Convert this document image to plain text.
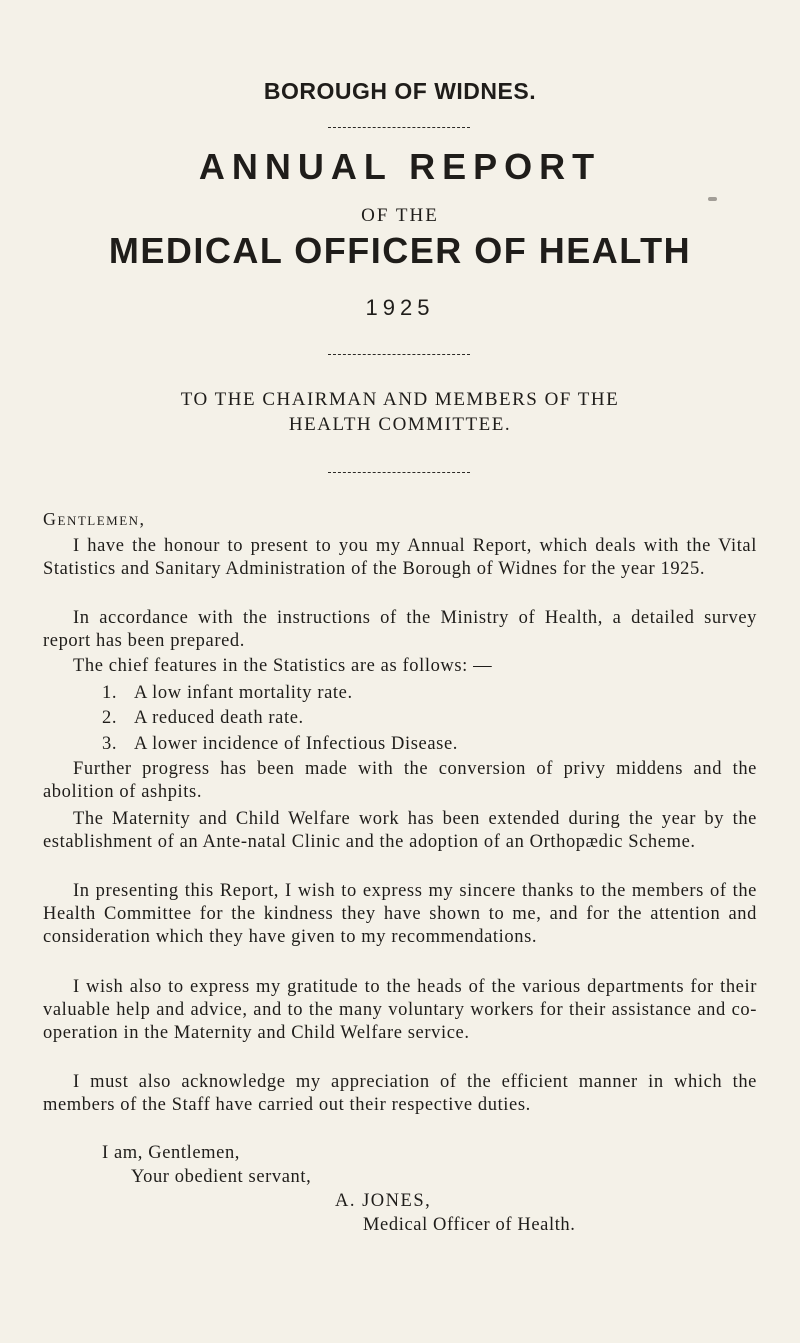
BOROUGH OF WIDNES.
ANNUAL REPORT
OF THE
MEDICAL OFFICER OF HEALTH
1925
TO THE CHAIRMAN AND MEMBERS OF THE
HEALTH COMMITTEE.
Gentlemen,
I have the honour to present to you my Annual Report, which deals with the Vital Statistics and Sanitary Administration of the Borough of Widnes for the year 1925.
In accordance with the instructions of the Ministry of Health, a detailed survey report has been prepared.
The chief features in the Statistics are as follows: —
1. A low infant mortality rate.
2. A reduced death rate.
3. A lower incidence of Infectious Disease.
Further progress has been made with the conversion of privy middens and the abolition of ashpits.
The Maternity and Child Welfare work has been extended during the year by the establishment of an Ante-natal Clinic and the adoption of an Orthopædic Scheme.
In presenting this Report, I wish to express my sincere thanks to the members of the Health Committee for the kindness they have shown to me, and for the attention and consideration which they have given to my recommendations.
I wish also to express my gratitude to the heads of the various departments for their valuable help and advice, and to the many voluntary workers for their assistance and co-operation in the Maternity and Child Welfare service.
I must also acknowledge my appreciation of the efficient manner in which the members of the Staff have carried out their respective duties.
I am, Gentlemen,
Your obedient servant,
A. JONES,
Medical Officer of Health.
